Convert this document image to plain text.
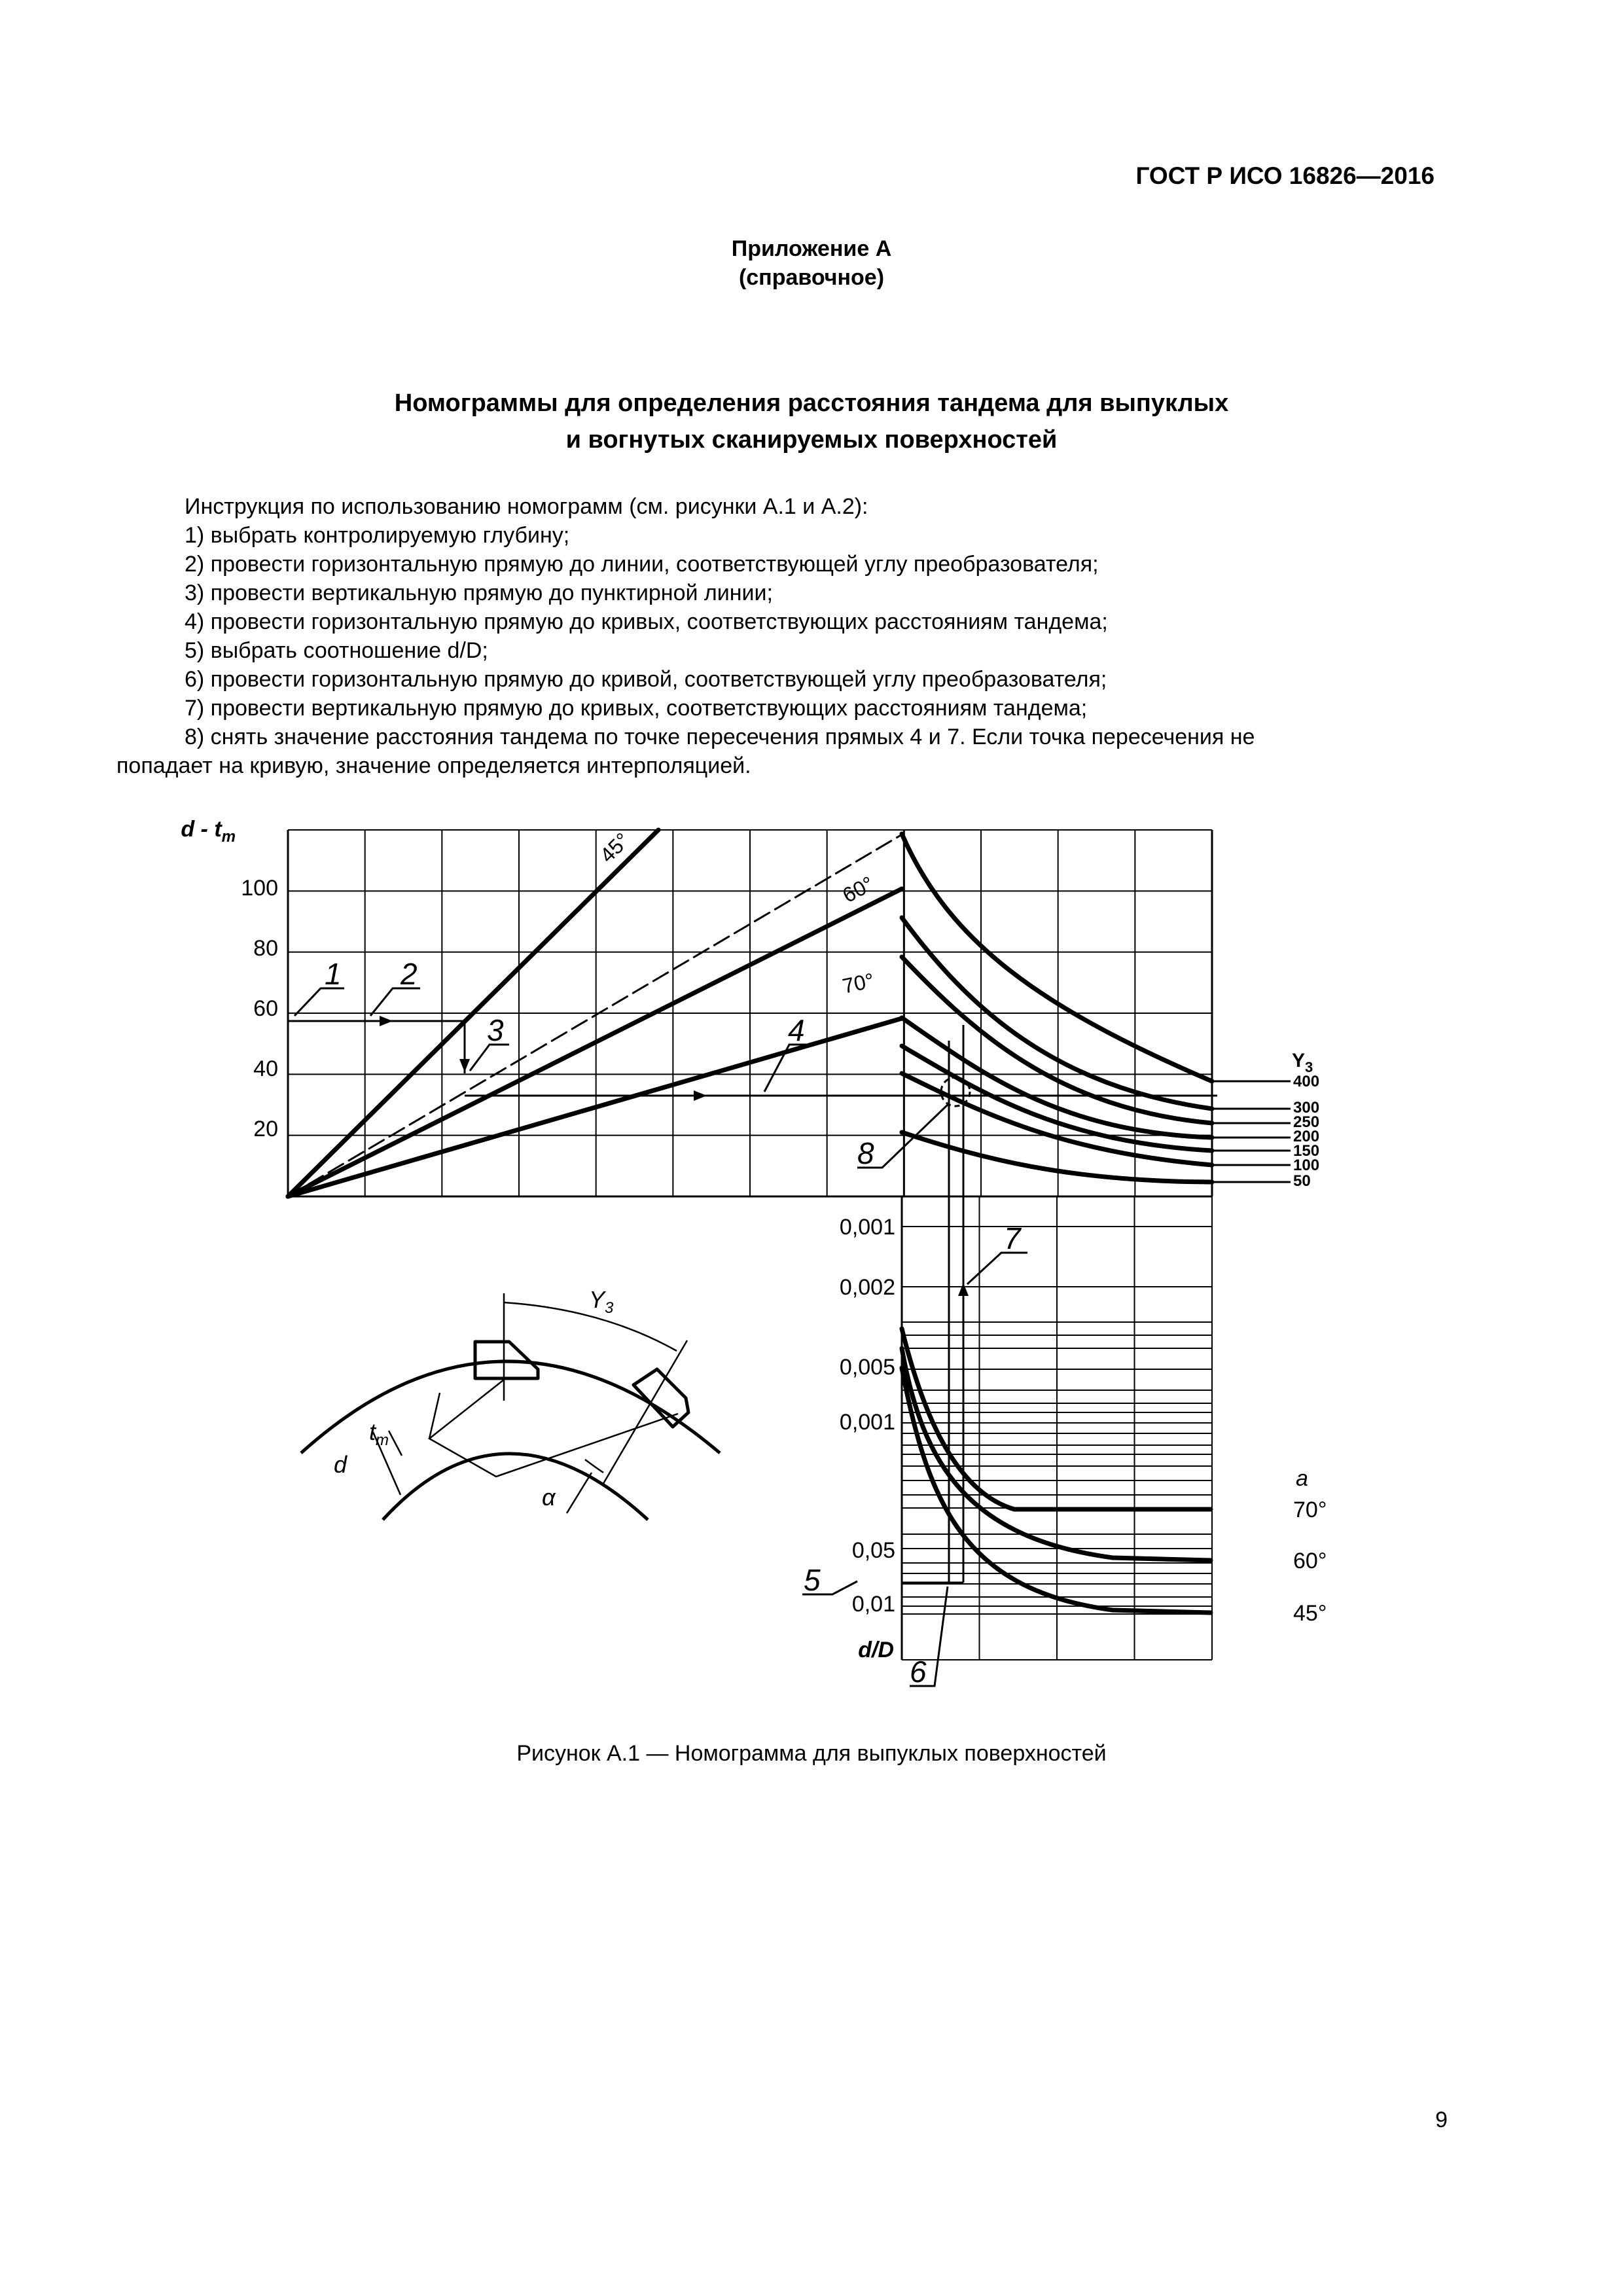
ГОСТ Р ИСО 16826—2016
Приложение А
(справочное)
Номограммы для определения расстояния тандема для выпуклых
и вогнутых сканируемых поверхностей
Инструкция по использованию номограмм (см. рисунки А.1 и А.2):
1) выбрать контролируемую глубину;
2) провести горизонтальную прямую до линии, соответствующей углу преобразователя;
3) провести вертикальную прямую до пунктирной линии;
4) провести горизонтальную прямую до кривых, соответствующих расстояниям тандема;
5) выбрать соотношение d/D;
6) провести горизонтальную прямую до кривой, соответствующей углу преобразователя;
7) провести вертикальную прямую до кривых, соответствующих расстояниям тандема;
8) снять значение расстояния тандема по точке пересечения прямых 4 и 7. Если точка пересечения не
попадает на кривую, значение определяется интерполяцией.
45°
60°
70°
d - $t_m$
100
80
60
40
20
$Y_3$
400
300
250
200
150
100
50
0,001
0,002
0,005
0,001
0,05
0,01
d/D
a
70°
60°
45°
1 2
3	4
5
6
7
8
$Y_3$
$t_m$
d
α
Рисунок А.1 — Номограмма для выпуклых поверхностей
9
